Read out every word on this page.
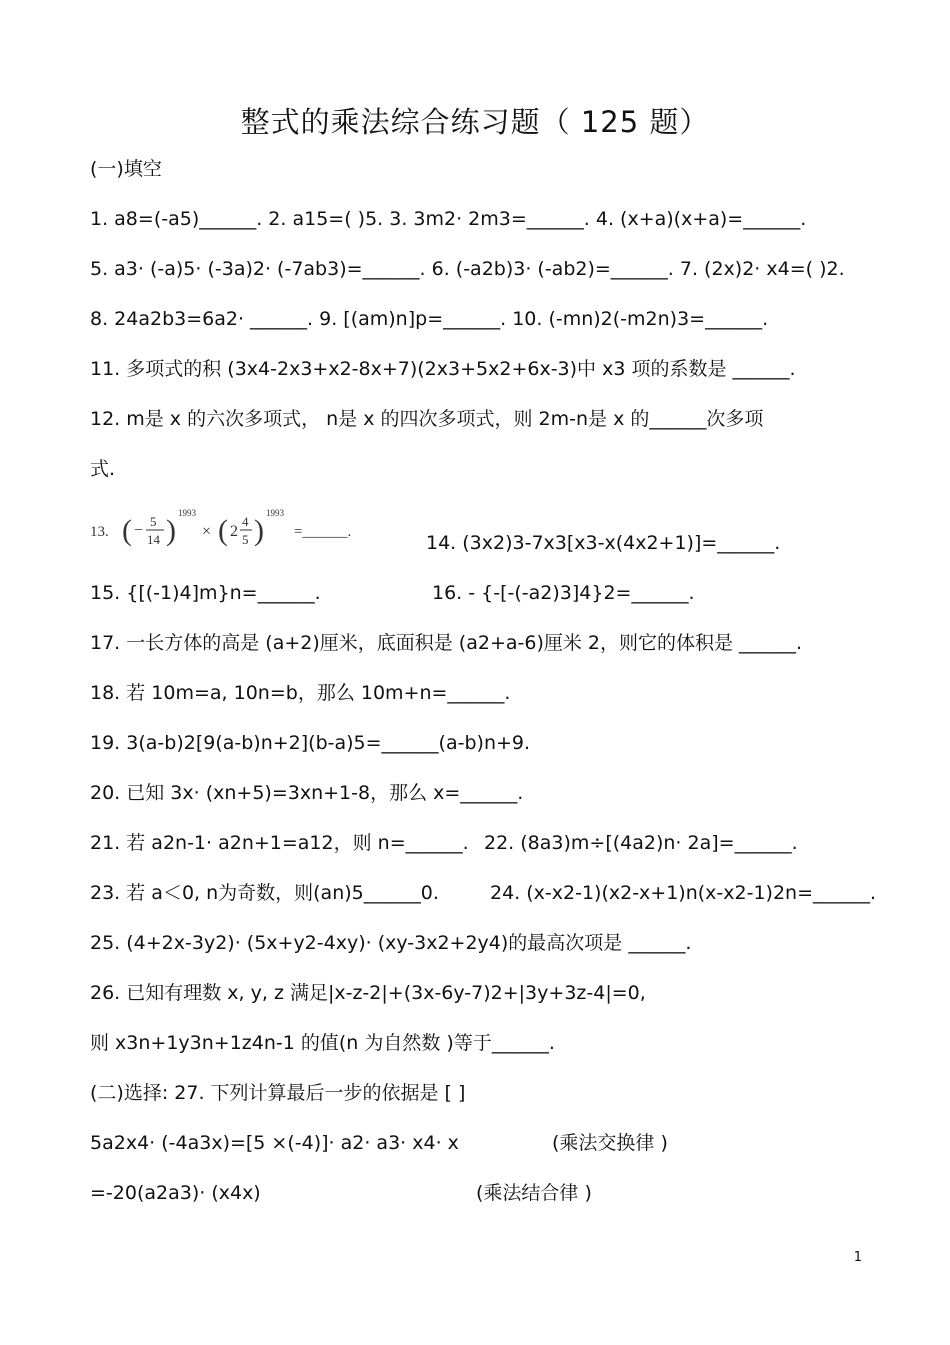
整式的乘法综合练习题（ 125 题）
(一)填空
1. a8=(-a5)______. 2. a15=( )5. 3. 3m2· 2m3=______. 4. (x+a)(x+a)=______.
5. a3· (-a)5· (-3a)2· (-7ab3)=______. 6. (-a2b)3· (-ab2)=______. 7. (2x)2· x4=( )2.
8. 24a2b3=6a2· ______. 9. [(am)n]p=______. 10. (-mn)2(-m2n)3=______.
11. 多项式的积 (3x4-2x3+x2-8x+7)(2x3+5x2+6x-3)中 x3 项的系数是 ______.
12. m是 x 的六次多项式， n是 x 的四次多项式，则 2m-n是 x 的______次多项
式.
13. ( −
5
14 )
1993
× ( 2
4
5 )
1993
=______.	14. (3x2)3-7x3[x3-x(4x2+1)]=______.
15. {[(-1)4]m}n=______.	16. - {-[-(-a2)3]4}2=______.
17. 一长方体的高是 (a+2)厘米，底面积是 (a2+a-6)厘米 2，则它的体积是 ______.
18. 若 10m=a, 10n=b，那么 10m+n=______.
19. 3(a-b)2[9(a-b)n+2](b-a)5=______(a-b)n+9.
20. 已知 3x· (xn+5)=3xn+1-8，那么 x=______.
21. 若 a2n-1· a2n+1=a12，则 n=______. 22. (8a3)m÷[(4a2)n· 2a]=______.
23. 若 a＜0, n为奇数，则(an)5______0.	24. (x-x2-1)(x2-x+1)n(x-x2-1)2n=______.
25. (4+2x-3y2)· (5x+y2-4xy)· (xy-3x2+2y4)的最高次项是 ______.
26. 已知有理数 x, y, z 满足|x-z-2|+(3x-6y-7)2+|3y+3z-4|=0,
则 x3n+1y3n+1z4n-1 的值(n 为自然数 )等于______.
(二)选择: 27. 下列计算最后一步的依据是 [ ]
5a2x4· (-4a3x)=[5 ×(-4)]· a2· a3· x4· x	(乘法交换律 )
=-20(a2a3)· (x4x)	(乘法结合律 )
1
